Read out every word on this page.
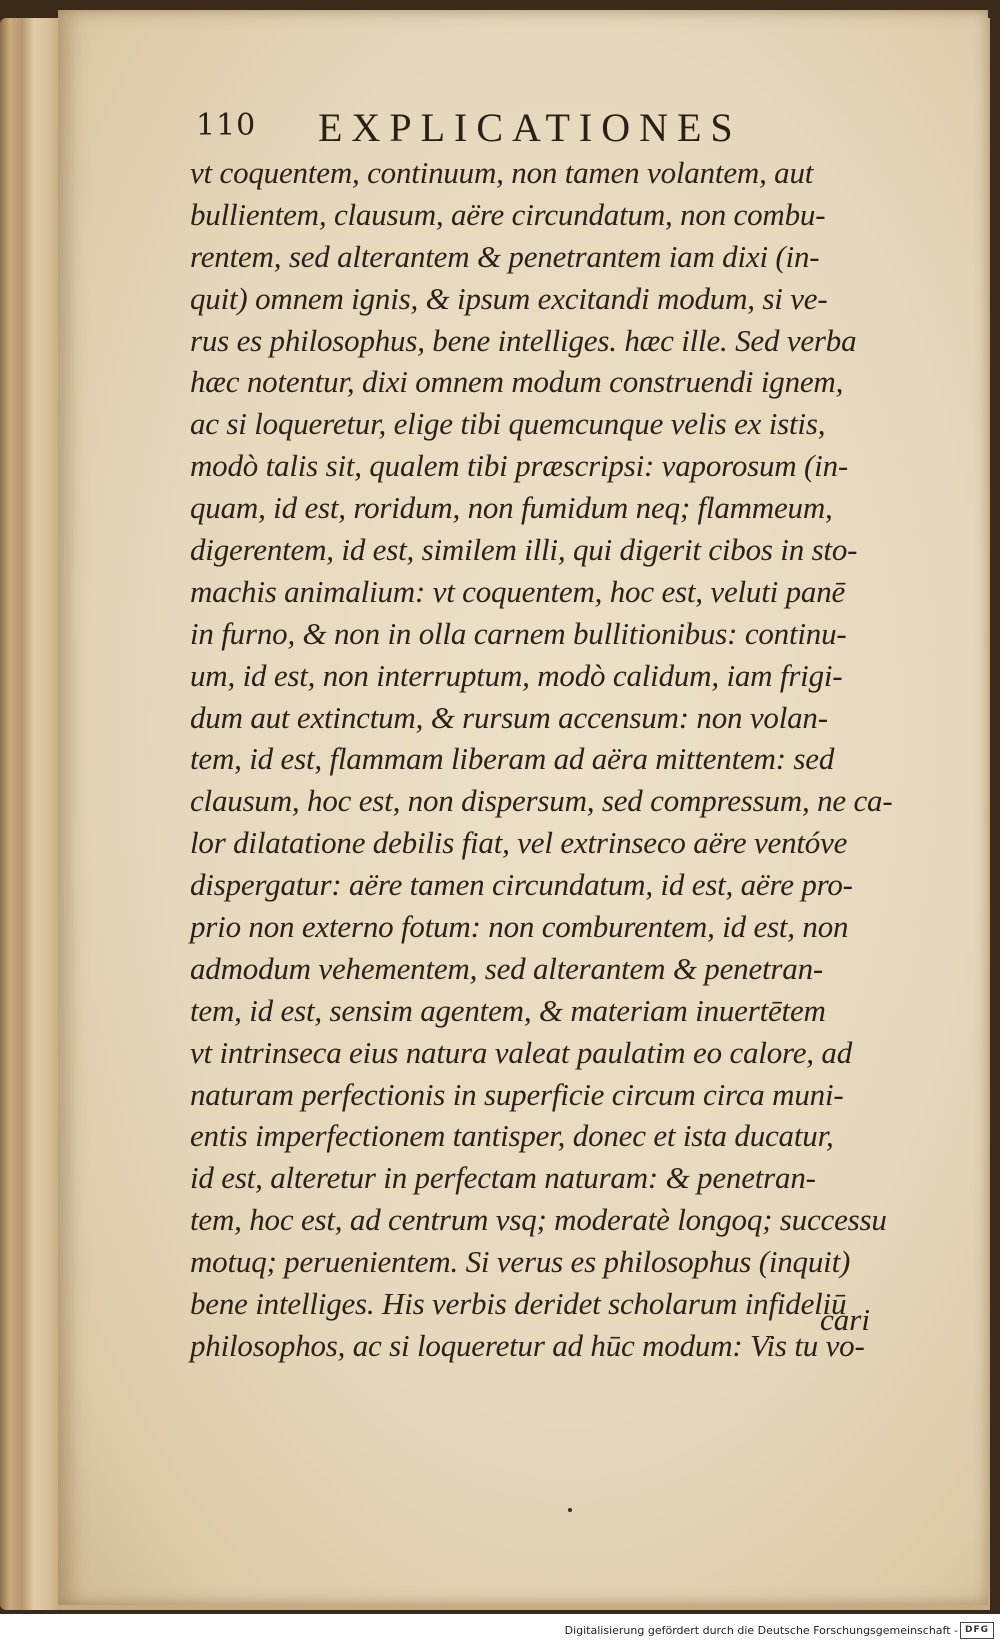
110 EXPLICATIONES
vt coquentem, continuum, non tamen volantem, aut
bullientem, clausum, aëre circundatum, non combu-
rentem, sed alterantem & penetrantem iam dixi (in-
quit) omnem ignis, & ipsum excitandi modum, si ve-
rus es philosophus, bene intelliges. hæc ille. Sed verba
hæc notentur, dixi omnem modum construendi ignem,
ac si loqueretur, elige tibi quemcunque velis ex istis,
modò talis sit, qualem tibi præscripsi: vaporosum (in-
quam, id est, roridum, non fumidum neq; flammeum,
digerentem, id est, similem illi, qui digerit cibos in sto-
machis animalium: vt coquentem, hoc est, veluti panē
in furno, & non in olla carnem bullitionibus: continu-
um, id est, non interruptum, modò calidum, iam frigi-
dum aut extinctum, & rursum accensum: non volan-
tem, id est, flammam liberam ad aëra mittentem: sed
clausum, hoc est, non dispersum, sed compressum, ne ca-
lor dilatatione debilis fiat, vel extrinseco aëre ventóve
dispergatur: aëre tamen circundatum, id est, aëre pro-
prio non externo fotum: non comburentem, id est, non
admodum vehementem, sed alterantem & penetran-
tem, id est, sensim agentem, & materiam inuertētem
vt intrinseca eius natura valeat paulatim eo calore, ad
naturam perfectionis in superficie circum circa muni-
entis imperfectionem tantisper, donec et ista ducatur,
id est, alteretur in perfectam naturam: & penetran-
tem, hoc est, ad centrum vsq; moderatè longoq; successu
motuq; peruenientem. Si verus es philosophus (inquit)
bene intelliges. His verbis deridet scholarum infideliū
philosophos, ac si loqueretur ad hūc modum: Vis tu vo-
cari
Digitalisierung gefördert durch die Deutsche Forschungsgemeinschaft - DFG
